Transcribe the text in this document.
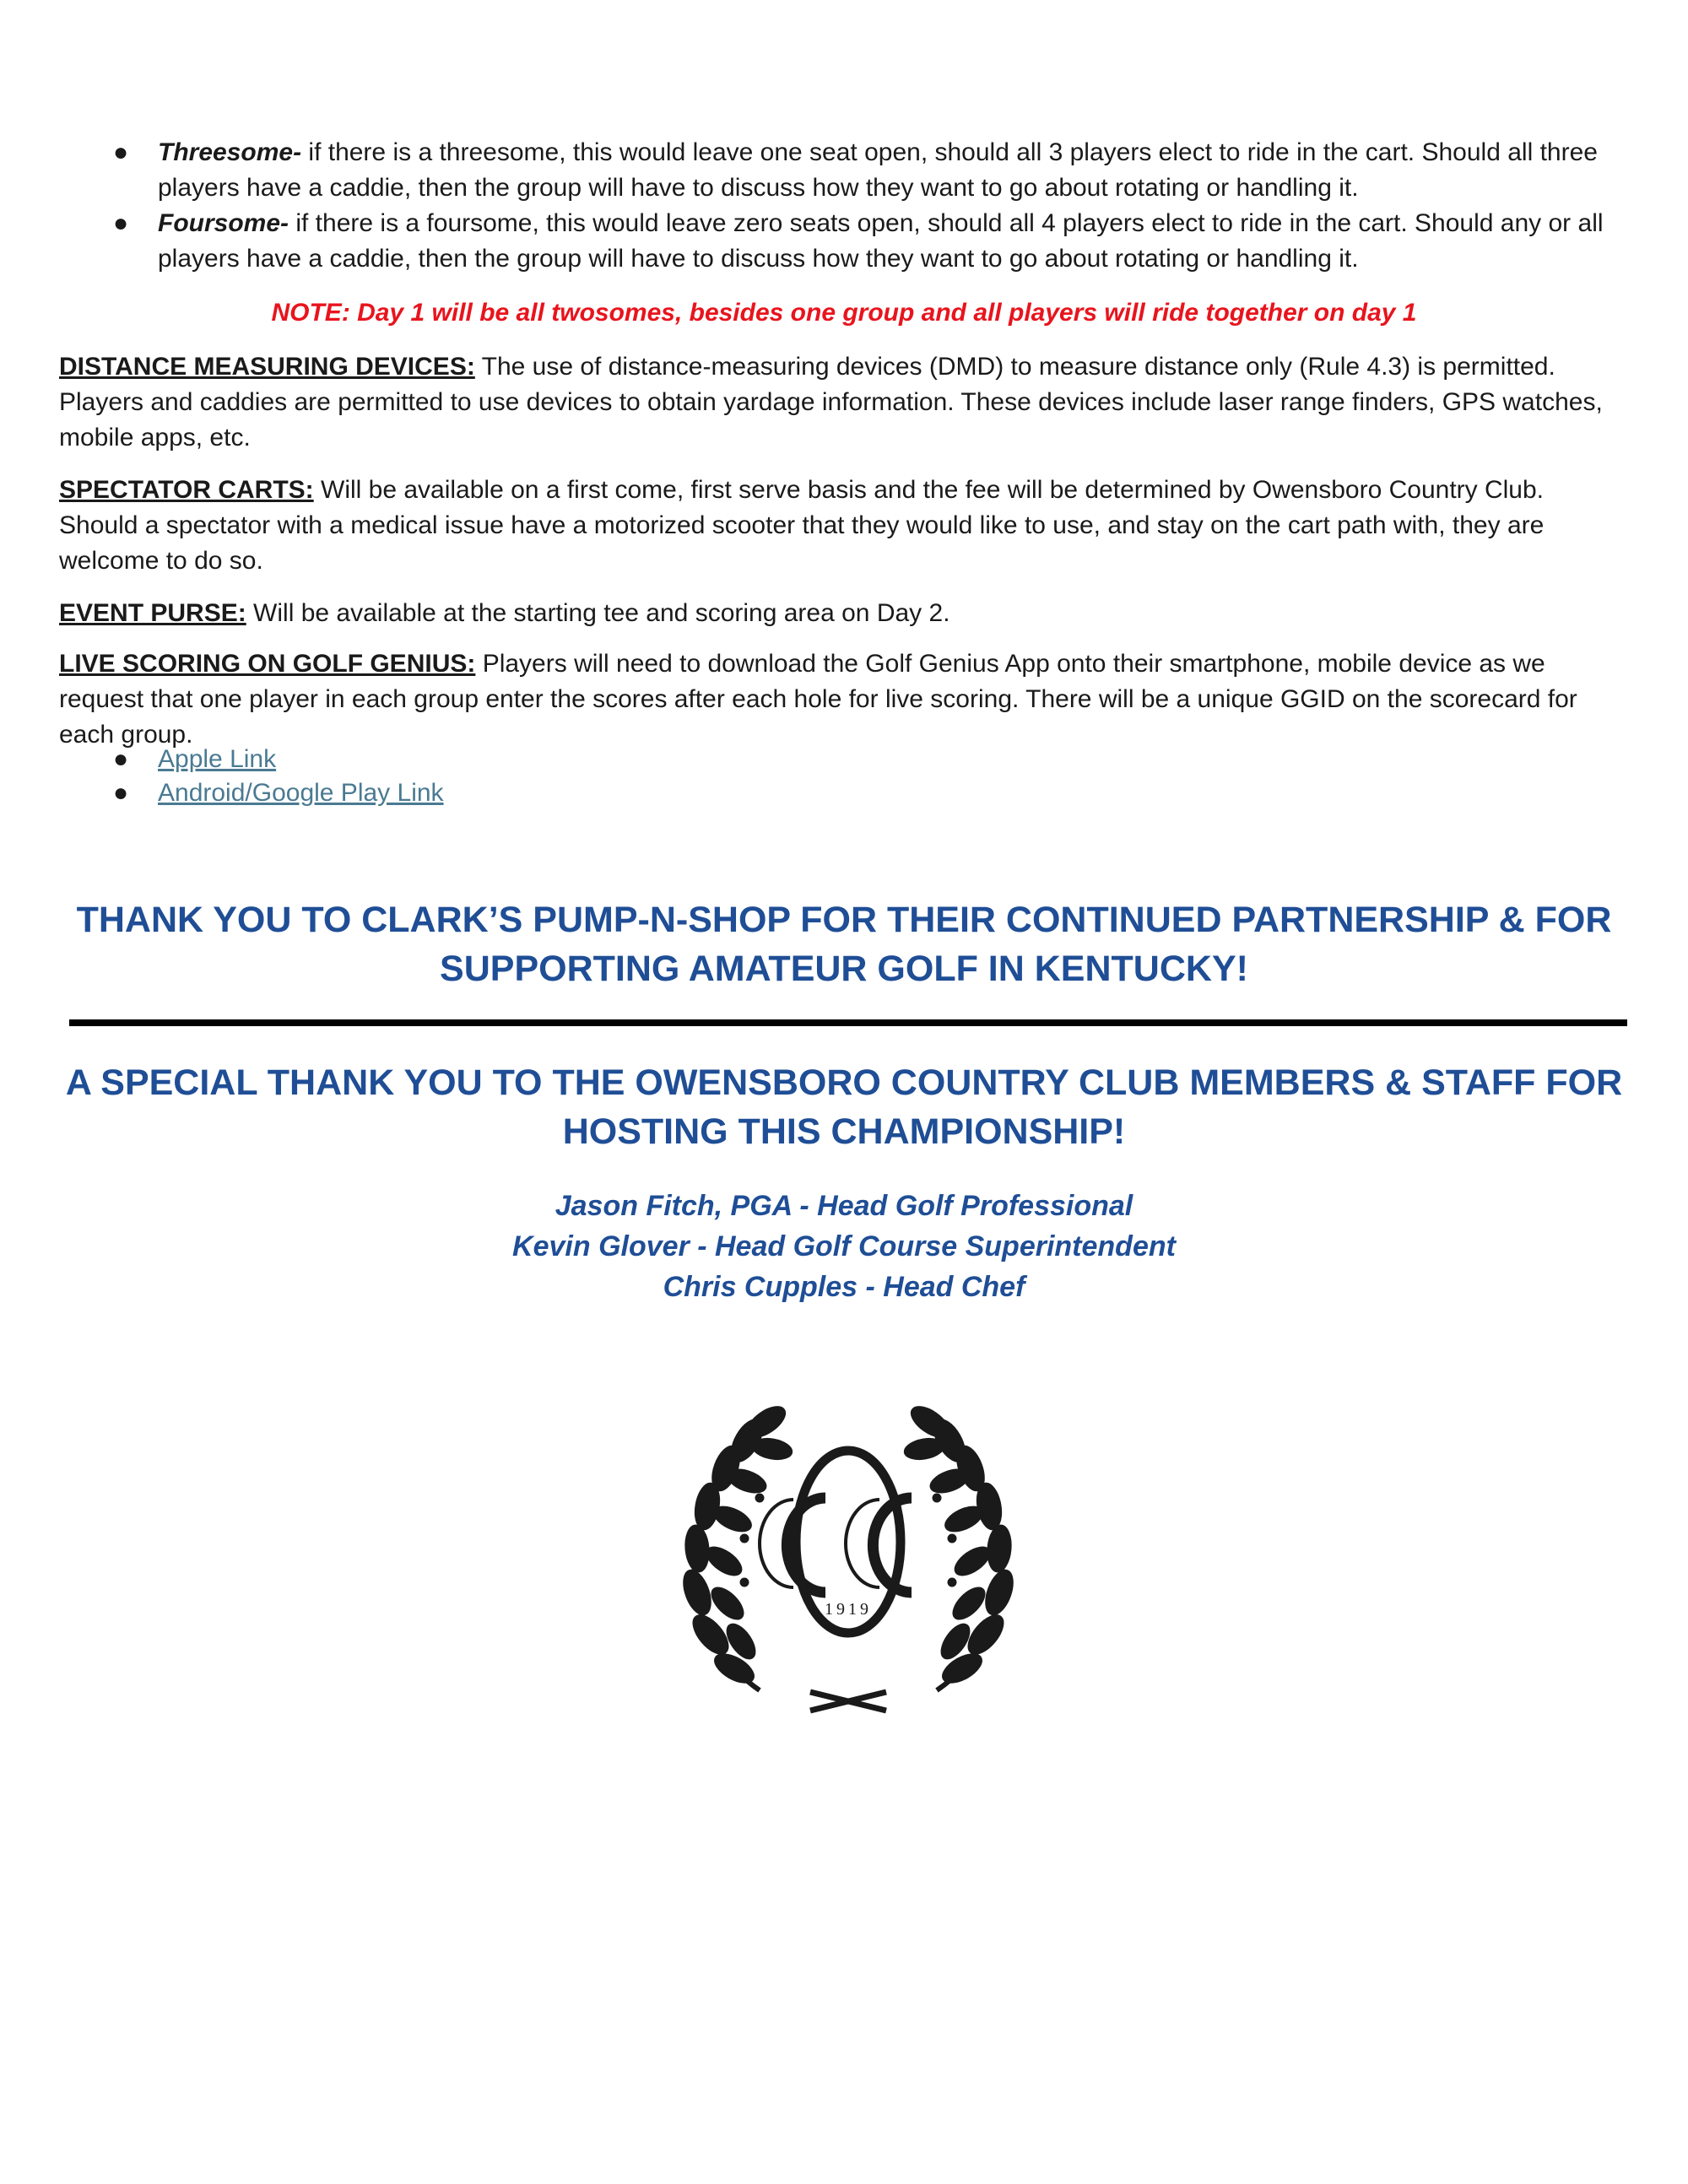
● Threesome- if there is a threesome, this would leave one seat open, should all 3 players elect to ride in the cart. Should all three players have a caddie, then the group will have to discuss how they want to go about rotating or handling it.
● Foursome- if there is a foursome, this would leave zero seats open, should all 4 players elect to ride in the cart. Should any or all players have a caddie, then the group will have to discuss how they want to go about rotating or handling it.
NOTE: Day 1 will be all twosomes, besides one group and all players will ride together on day 1
DISTANCE MEASURING DEVICES: The use of distance-measuring devices (DMD) to measure distance only (Rule 4.3) is permitted. Players and caddies are permitted to use devices to obtain yardage information. These devices include laser range finders, GPS watches, mobile apps, etc.
SPECTATOR CARTS: Will be available on a first come, first serve basis and the fee will be determined by Owensboro Country Club. Should a spectator with a medical issue have a motorized scooter that they would like to use, and stay on the cart path with, they are welcome to do so.
EVENT PURSE: Will be available at the starting tee and scoring area on Day 2.
LIVE SCORING ON GOLF GENIUS: Players will need to download the Golf Genius App onto their smartphone, mobile device as we request that one player in each group enter the scores after each hole for live scoring. There will be a unique GGID on the scorecard for each group.
● Apple Link
● Android/Google Play Link
THANK YOU TO CLARK’S PUMP-N-SHOP FOR THEIR CONTINUED PARTNERSHIP & FOR
SUPPORTING AMATEUR GOLF IN KENTUCKY!
A SPECIAL THANK YOU TO THE OWENSBORO COUNTRY CLUB MEMBERS & STAFF FOR
HOSTING THIS CHAMPIONSHIP!
Jason Fitch, PGA - Head Golf Professional
Kevin Glover - Head Golf Course Superintendent
Chris Cupples - Head Chef
1919
